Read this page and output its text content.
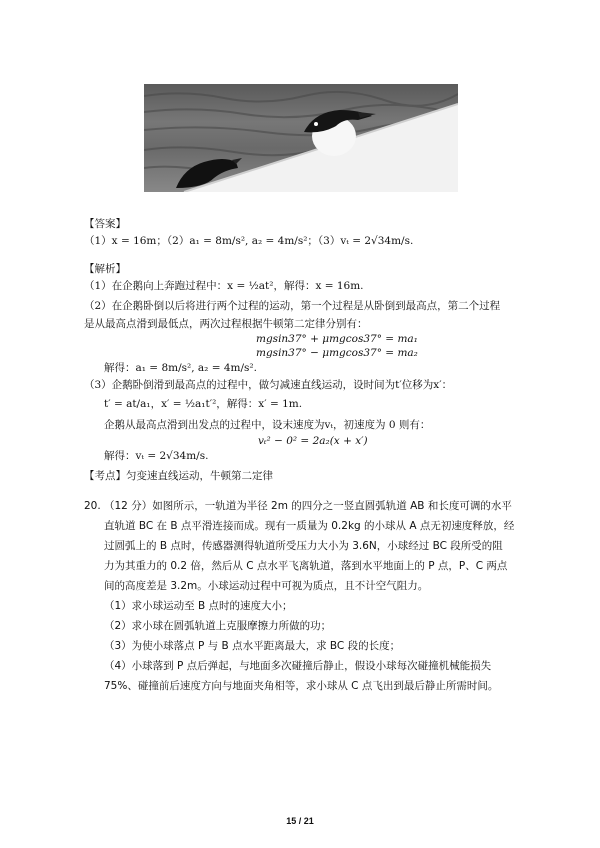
【答案】
（1）x = 16m；（2）a₁ = 8m/s², a₂ = 4m/s²；（3）vₜ = 2√34m/s.
【解析】
（1）在企鹅向上奔跑过程中：x = ½at²，解得：x = 16m.
（2）在企鹅卧倒以后将进行两个过程的运动，第一个过程是从卧倒到最高点，第二个过程
是从最高点滑到最低点，两次过程根据牛顿第二定律分别有：
mgsin37° + μmgcos37° = ma₁
mgsin37° − μmgcos37° = ma₂
解得：a₁ = 8m/s², a₂ = 4m/s².
（3）企鹅卧倒滑到最高点的过程中，做匀减速直线运动，设时间为t′位移为x′：
t′ = at/a₁，x′ = ½a₁t′²，解得：x′ = 1m.
企鹅从最高点滑到出发点的过程中，设末速度为vₜ，初速度为 0 则有：
vₜ² − 0² = 2a₂(x + x′)
解得：vₜ = 2√34m/s.
【考点】匀变速直线运动，牛顿第二定律
20. （12 分）如图所示，一轨道为半径 2m 的四分之一竖直圆弧轨道 AB 和长度可调的水平
直轨道 BC 在 B 点平滑连接而成。现有一质量为 0.2kg 的小球从 A 点无初速度释放，经
过圆弧上的 B 点时，传感器测得轨道所受压力大小为 3.6N，小球经过 BC 段所受的阻
力为其重力的 0.2 倍，然后从 C 点水平飞离轨道，落到水平地面上的 P 点，P、C 两点
间的高度差是 3.2m。小球运动过程中可视为质点，且不计空气阻力。
（1）求小球运动至 B 点时的速度大小；
（2）求小球在圆弧轨道上克服摩擦力所做的功；
（3）为使小球落点 P 与 B 点水平距离最大，求 BC 段的长度；
（4）小球落到 P 点后弹起，与地面多次碰撞后静止，假设小球每次碰撞机械能损失
75%、碰撞前后速度方向与地面夹角相等，求小球从 C 点飞出到最后静止所需时间。
15 / 21
